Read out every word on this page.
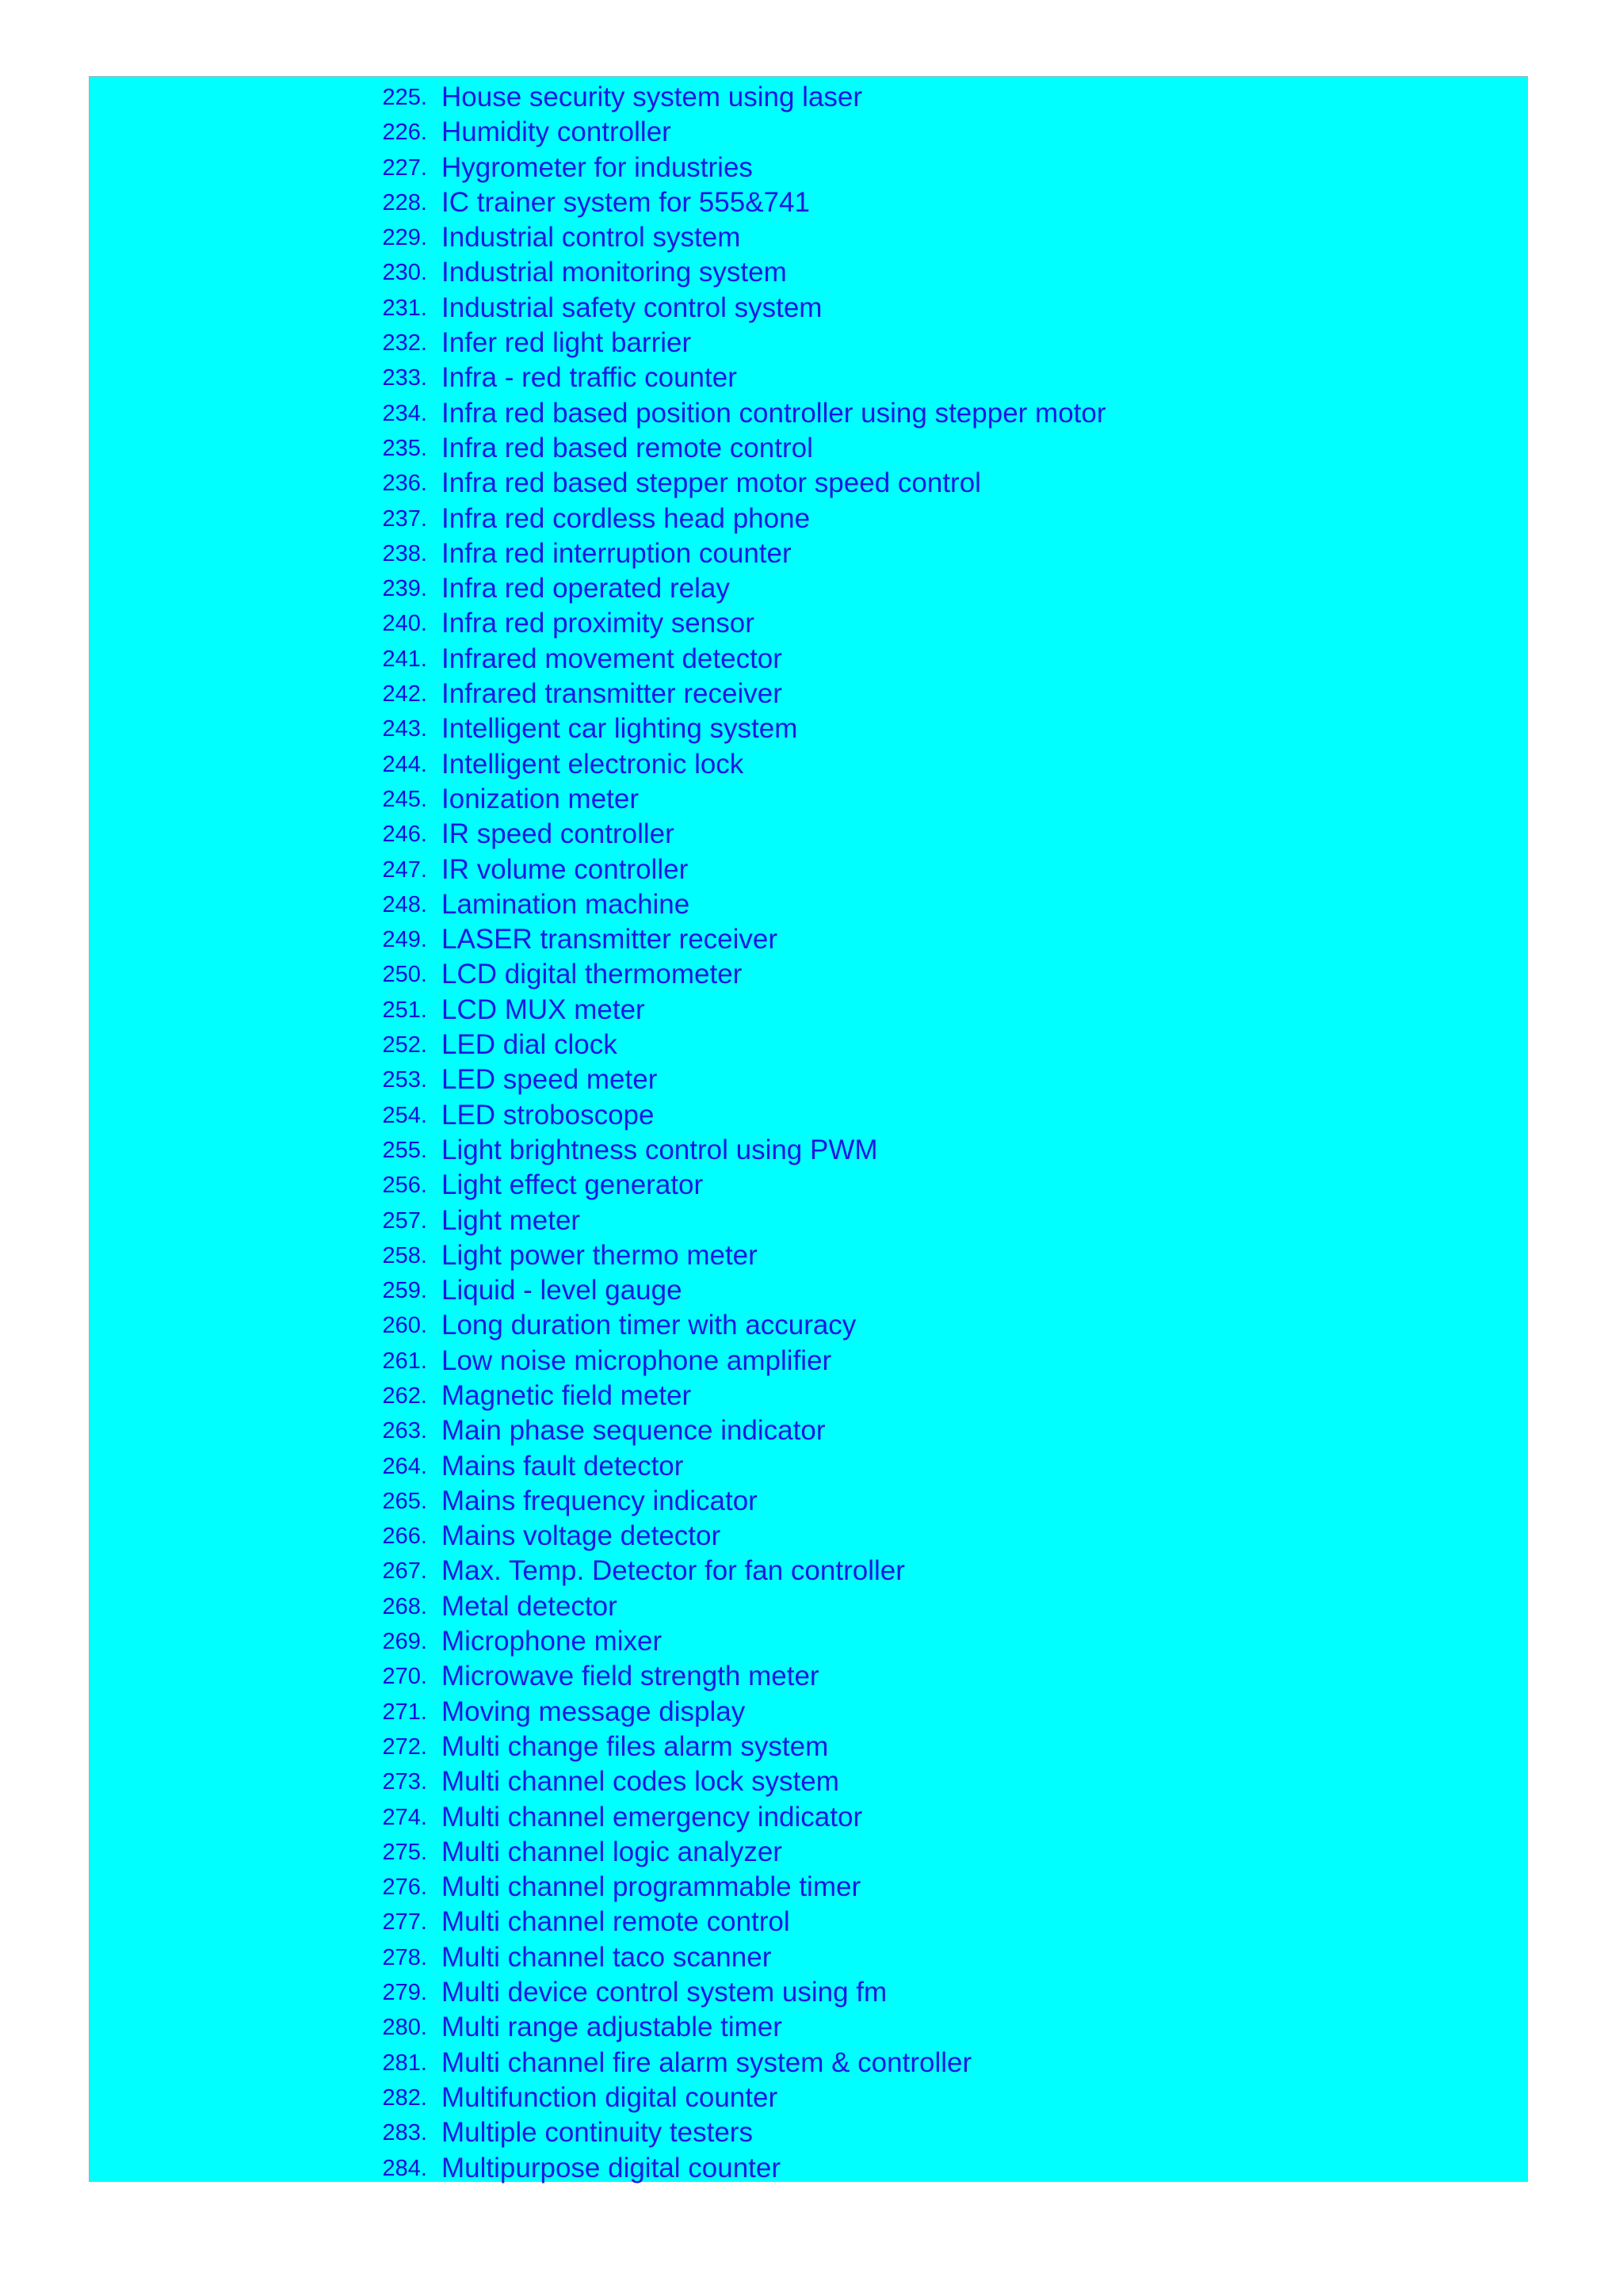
225. House security system using laser
226. Humidity controller
227. Hygrometer for industries
228. IC trainer system for 555&741
229. Industrial control system
230. Industrial monitoring system
231. Industrial safety control system
232. Infer red light barrier
233. Infra - red traffic counter
234. Infra red based position controller using stepper motor
235. Infra red based remote control
236. Infra red based stepper motor speed control
237. Infra red cordless head phone
238. Infra red interruption counter
239. Infra red operated relay
240. Infra red proximity sensor
241. Infrared movement detector
242. Infrared transmitter receiver
243. Intelligent car lighting system
244. Intelligent electronic lock
245. Ionization meter
246. IR speed controller
247. IR volume controller
248. Lamination machine
249. LASER transmitter receiver
250. LCD digital thermometer
251. LCD MUX meter
252. LED dial clock
253. LED speed meter
254. LED stroboscope
255. Light brightness control using PWM
256. Light effect generator
257. Light meter
258. Light power thermo meter
259. Liquid - level gauge
260. Long duration timer with accuracy
261. Low noise microphone amplifier
262. Magnetic field meter
263. Main phase sequence indicator
264. Mains fault detector
265. Mains frequency indicator
266. Mains voltage detector
267. Max. Temp. Detector for fan controller
268. Metal detector
269. Microphone mixer
270. Microwave field strength meter
271. Moving message display
272. Multi change files alarm system
273. Multi channel codes lock system
274. Multi channel emergency indicator
275. Multi channel logic analyzer
276. Multi channel programmable timer
277. Multi channel remote control
278. Multi channel taco scanner
279. Multi device control system using fm
280. Multi range adjustable timer
281. Multi channel fire alarm system & controller
282. Multifunction digital counter
283. Multiple continuity testers
284. Multipurpose digital counter
